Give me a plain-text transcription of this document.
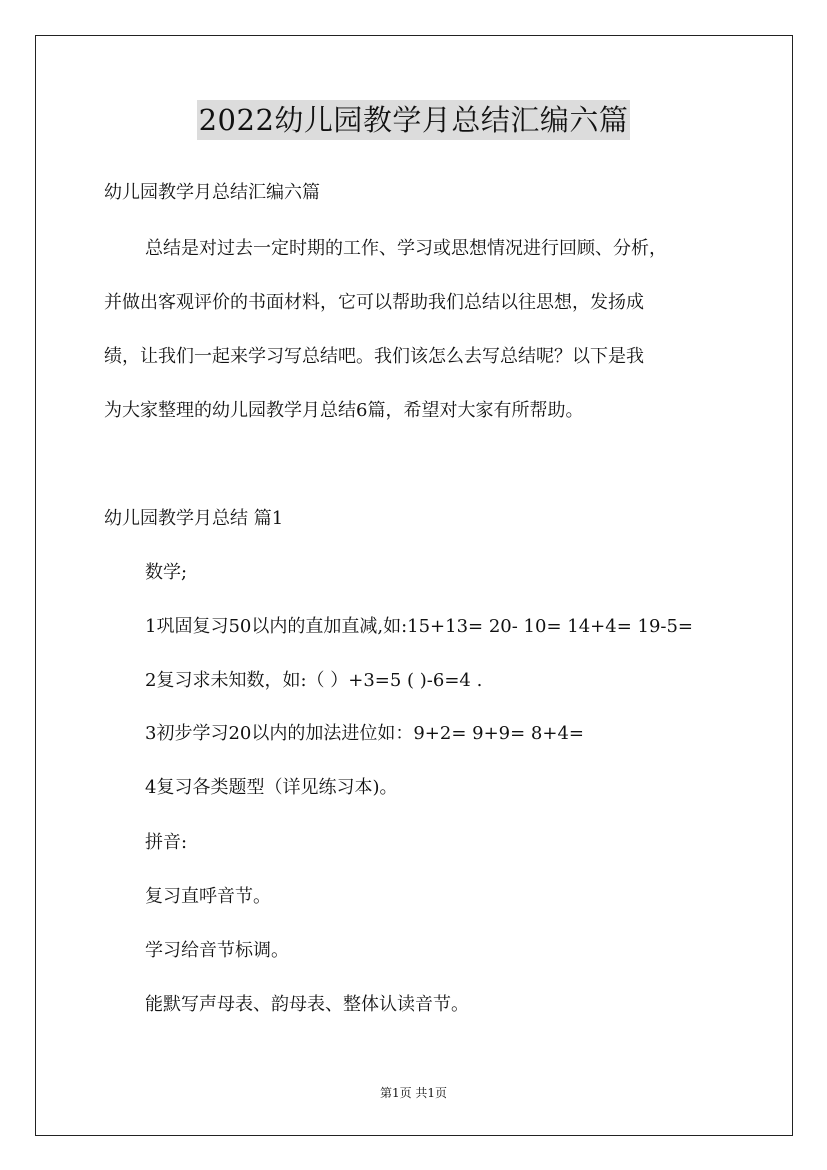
2022幼儿园教学月总结汇编六篇
幼儿园教学月总结汇编六篇
总结是对过去一定时期的工作、学习或思想情况进行回顾、分析，
并做出客观评价的书面材料，它可以帮助我们总结以往思想，发扬成
绩，让我们一起来学习写总结吧。我们该怎么去写总结呢？以下是我
为大家整理的幼儿园教学月总结6篇，希望对大家有所帮助。
幼儿园教学月总结 篇1
数学;
1巩固复习50以内的直加直减,如:15+13= 20- 10= 14+4= 19-5=
2复习求未知数，如:（ ）+3=5 ( )-6=4 .
3初步学习20以内的加法进位如：9+2= 9+9= 8+4=
4复习各类题型（详见练习本)。
拼音:
复习直呼音节。
学习给音节标调。
能默写声母表、韵母表、整体认读音节。
第1页 共1页
